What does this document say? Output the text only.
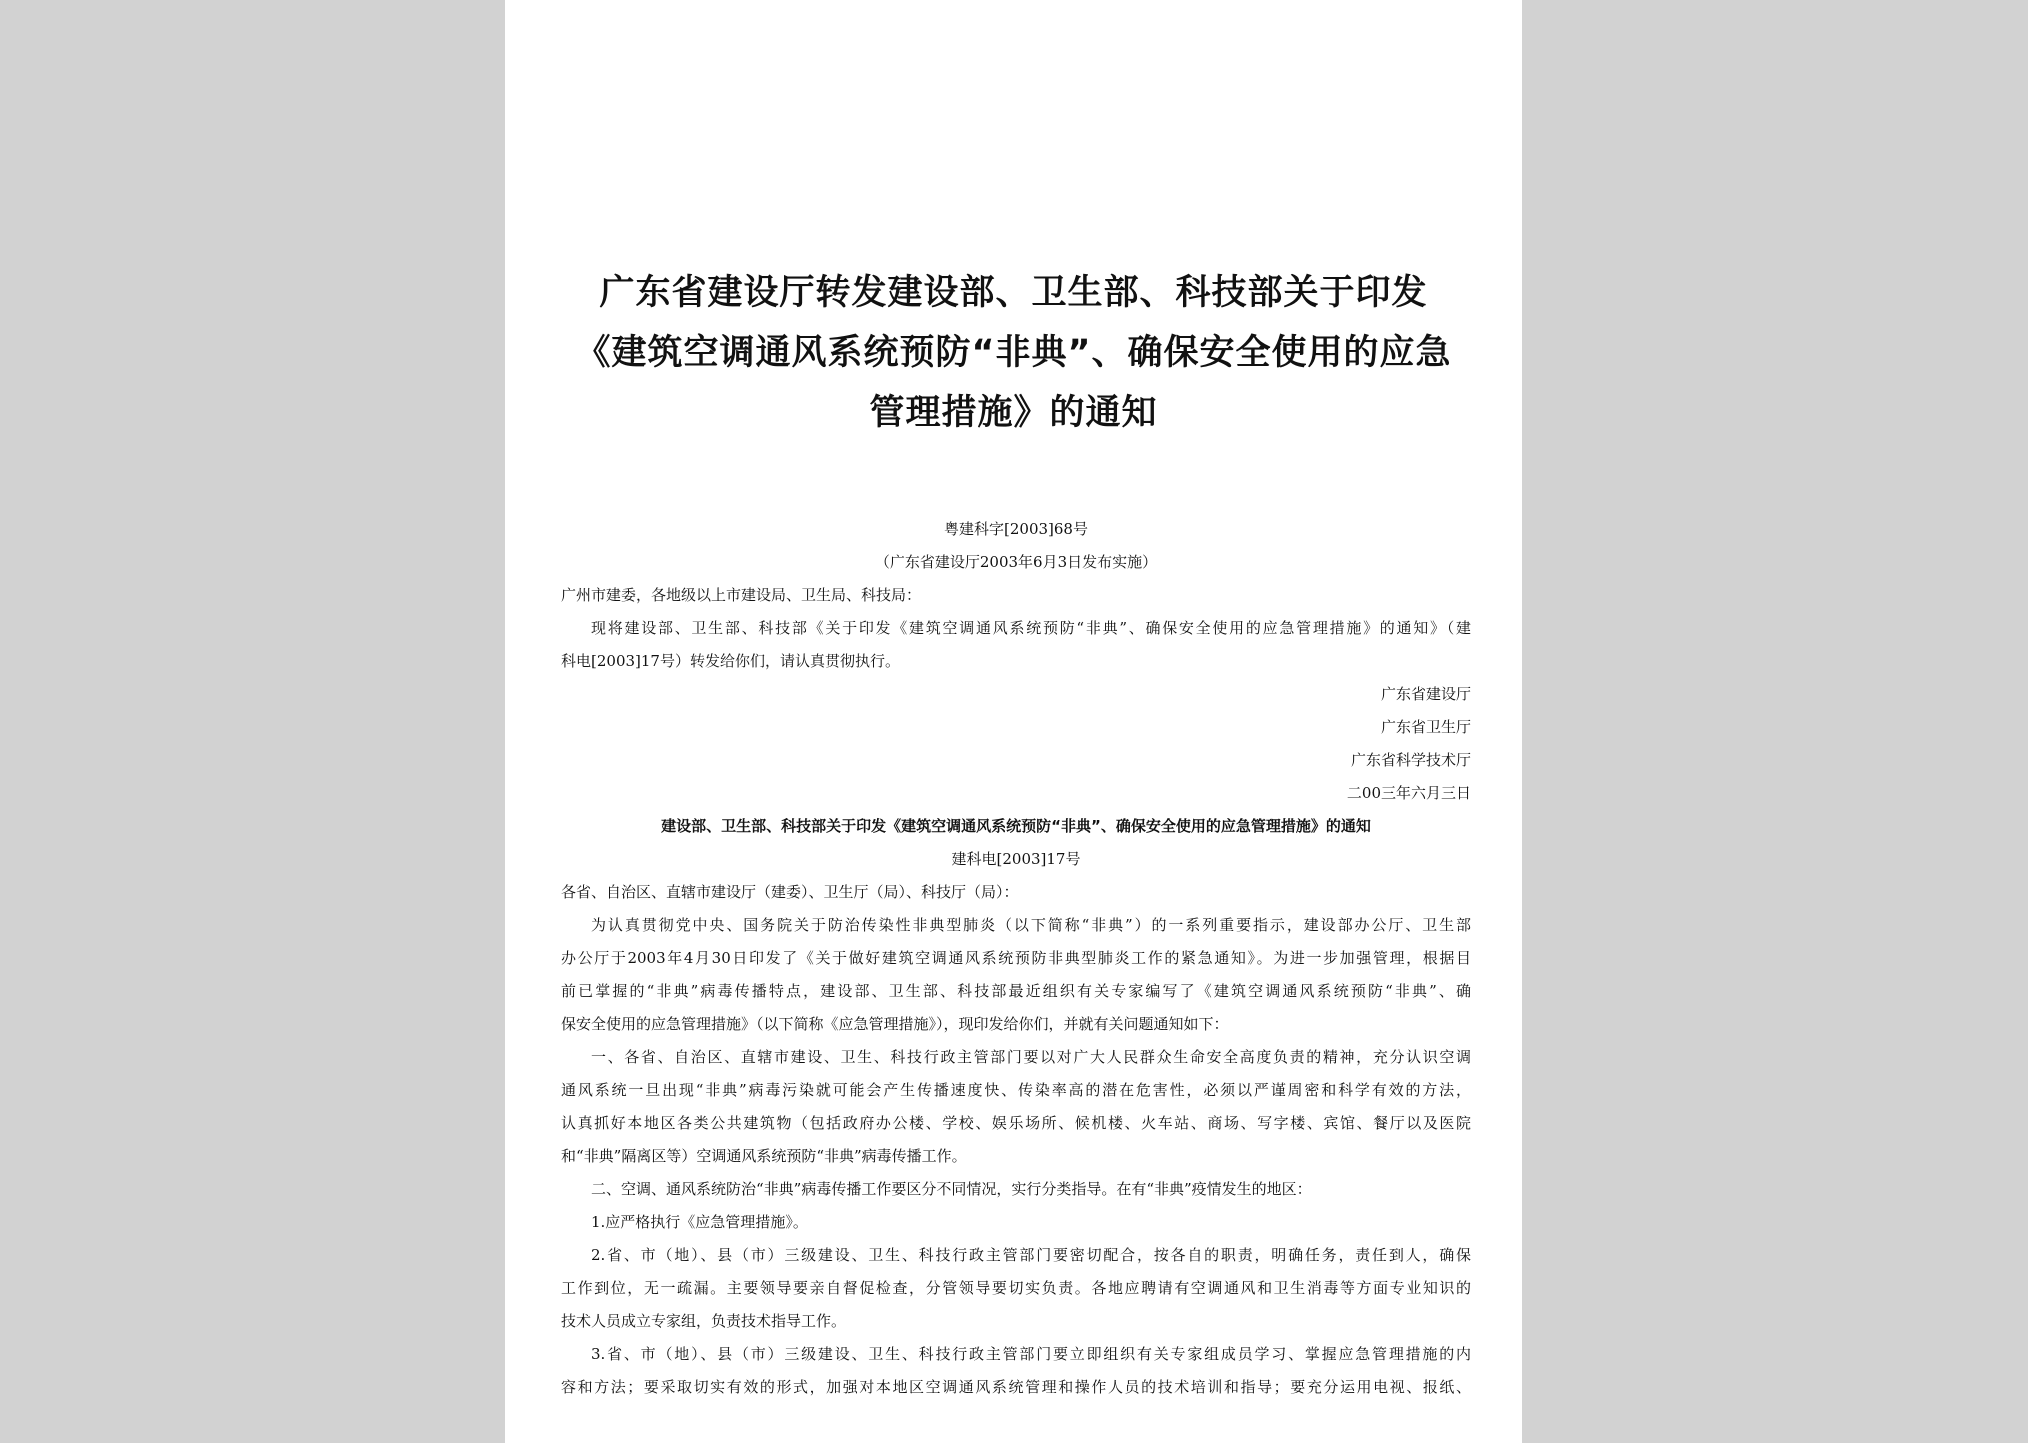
广东省建设厅转发建设部、卫生部、科技部关于印发
《建筑空调通风系统预防“非典”、确保安全使用的应急
管理措施》的通知
粤建科字[2003]68号
（广东省建设厅2003年6月3日发布实施）
广州市建委，各地级以上市建设局、卫生局、科技局：
现将建设部、卫生部、科技部《关于印发《建筑空调通风系统预防“非典”、确保安全使用的应急管理措施》的通知》（建
科电[2003]17号）转发给你们，请认真贯彻执行。
广东省建设厅
广东省卫生厅
广东省科学技术厅
二00三年六月三日
建设部、卫生部、科技部关于印发《建筑空调通风系统预防“非典”、确保安全使用的应急管理措施》的通知
建科电[2003]17号
各省、自治区、直辖市建设厅（建委）、卫生厅（局）、科技厅（局）：
为认真贯彻党中央、国务院关于防治传染性非典型肺炎（以下简称“非典”）的一系列重要指示，建设部办公厅、卫生部
办公厅于2003年4月30日印发了《关于做好建筑空调通风系统预防非典型肺炎工作的紧急通知》。为进一步加强管理，根据目
前已掌握的“非典”病毒传播特点，建设部、卫生部、科技部最近组织有关专家编写了《建筑空调通风系统预防“非典”、确
保安全使用的应急管理措施》（以下简称《应急管理措施》），现印发给你们，并就有关问题通知如下：
一、各省、自治区、直辖市建设、卫生、科技行政主管部门要以对广大人民群众生命安全高度负责的精神，充分认识空调
通风系统一旦出现“非典”病毒污染就可能会产生传播速度快、传染率高的潜在危害性，必须以严谨周密和科学有效的方法，
认真抓好本地区各类公共建筑物（包括政府办公楼、学校、娱乐场所、候机楼、火车站、商场、写字楼、宾馆、餐厅以及医院
和“非典”隔离区等）空调通风系统预防“非典”病毒传播工作。
二、空调、通风系统防治“非典”病毒传播工作要区分不同情况，实行分类指导。在有“非典”疫情发生的地区：
1.应严格执行《应急管理措施》。
2.省、市（地）、县（市）三级建设、卫生、科技行政主管部门要密切配合，按各自的职责，明确任务，责任到人，确保
工作到位，无一疏漏。主要领导要亲自督促检查，分管领导要切实负责。各地应聘请有空调通风和卫生消毒等方面专业知识的
技术人员成立专家组，负责技术指导工作。
3.省、市（地）、县（市）三级建设、卫生、科技行政主管部门要立即组织有关专家组成员学习、掌握应急管理措施的内
容和方法；要采取切实有效的形式，加强对本地区空调通风系统管理和操作人员的技术培训和指导；要充分运用电视、报纸、
